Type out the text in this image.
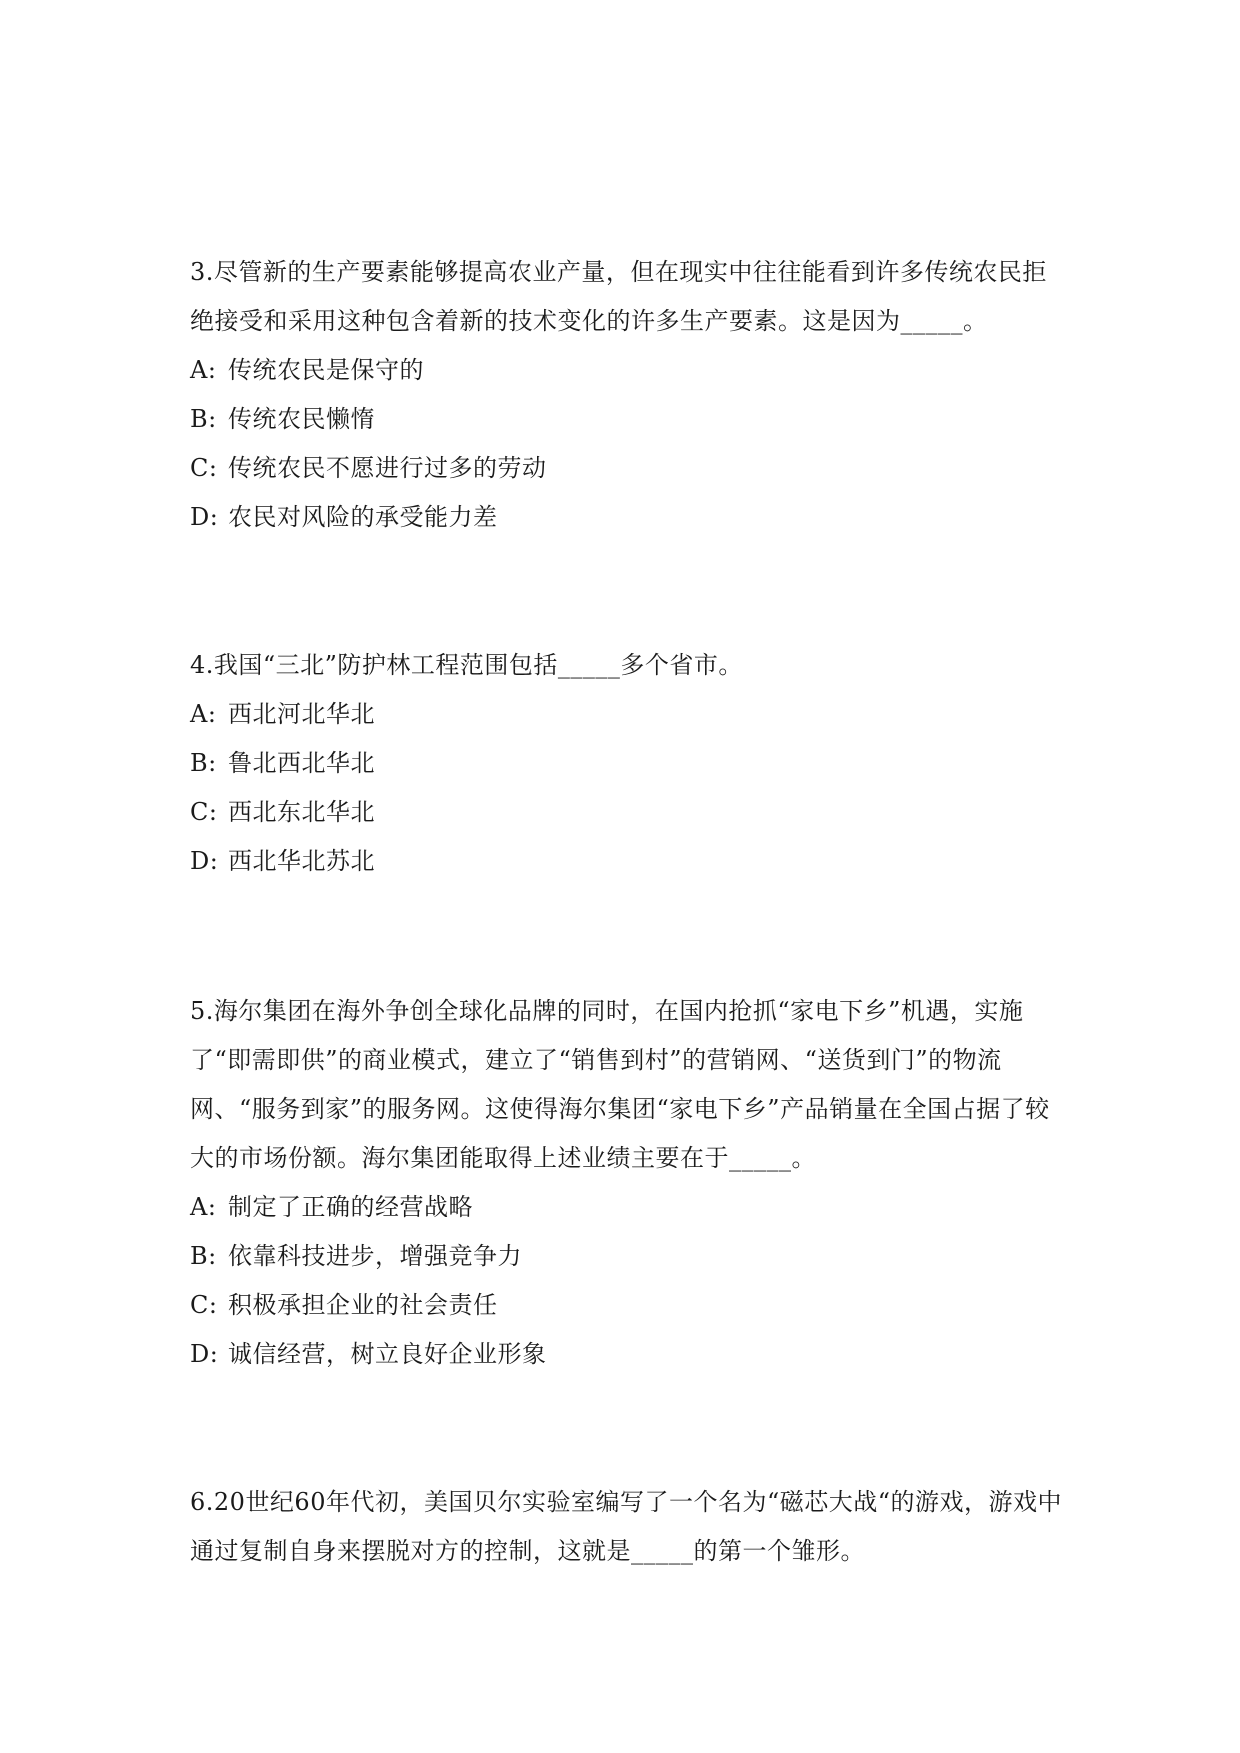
3.尽管新的生产要素能够提高农业产量，但在现实中往往能看到许多传统农民拒绝接受和采用这种包含着新的技术变化的许多生产要素。这是因为_____。

A: 传统农民是保守的

B: 传统农民懒惰

C: 传统农民不愿进行过多的劳动

D: 农民对风险的承受能力差

4.我国“三北”防护林工程范围包括_____多个省市。

A: 西北河北华北

B: 鲁北西北华北

C: 西北东北华北

D: 西北华北苏北

5.海尔集团在海外争创全球化品牌的同时，在国内抢抓“家电下乡”机遇，实施了“即需即供”的商业模式，建立了“销售到村”的营销网、“送货到门”的物流网、“服务到家”的服务网。这使得海尔集团“家电下乡”产品销量在全国占据了较大的市场份额。海尔集团能取得上述业绩主要在于_____。

A: 制定了正确的经营战略

B: 依靠科技进步，增强竞争力

C: 积极承担企业的社会责任

D: 诚信经营，树立良好企业形象

6.20世纪60年代初，美国贝尔实验室编写了一个名为“磁芯大战“的游戏，游戏中通过复制自身来摆脱对方的控制，这就是_____的第一个雏形。
